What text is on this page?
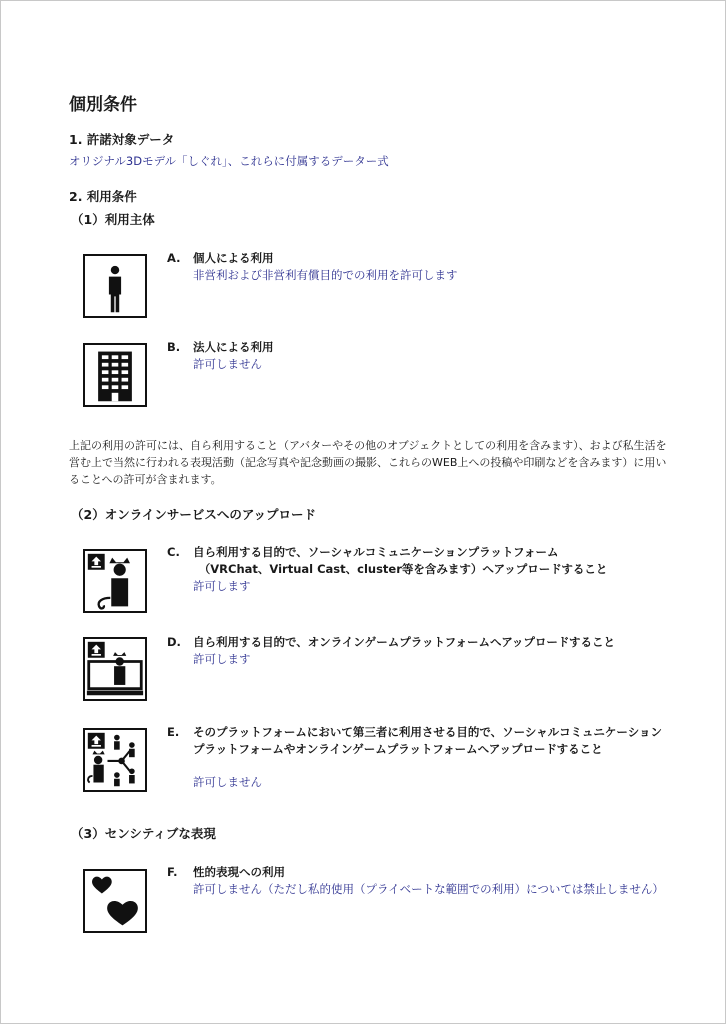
個別条件
1. 許諾対象データ
オリジナル3Dモデル「しぐれ」、これらに付属するデーター式
2. 利用条件
（1）利用主体
A. 個人による利用
非営利および非営利有償目的での利用を許可します
B. 法人による利用
許可しません
上記の利用の許可には、自ら利用すること（アバターやその他のオブジェクトとしての利用を含みます）、および私生活を営む上で当然に行われる表現活動（記念写真や記念動画の撮影、これらのWEB上への投稿や印刷などを含みます）に用いることへの許可が含まれます。
（2）オンラインサービスへのアップロード
C. 自ら利用する目的で、ソーシャルコミュニケーションプラットフォーム
　（VRChat、Virtual Cast、cluster等を含みます）へアップロードすること
許可します
D. 自ら利用する目的で、オンラインゲームプラットフォームへアップロードすること
許可します
E. そのプラットフォームにおいて第三者に利用させる目的で、ソーシャルコミュニケーションプラットフォームやオンラインゲームプラットフォームへアップロードすること
許可しません
（3）センシティブな表現
F. 性的表現への利用
許可しません（ただし私的使用（プライベートな範囲での利用）については禁止しません）
